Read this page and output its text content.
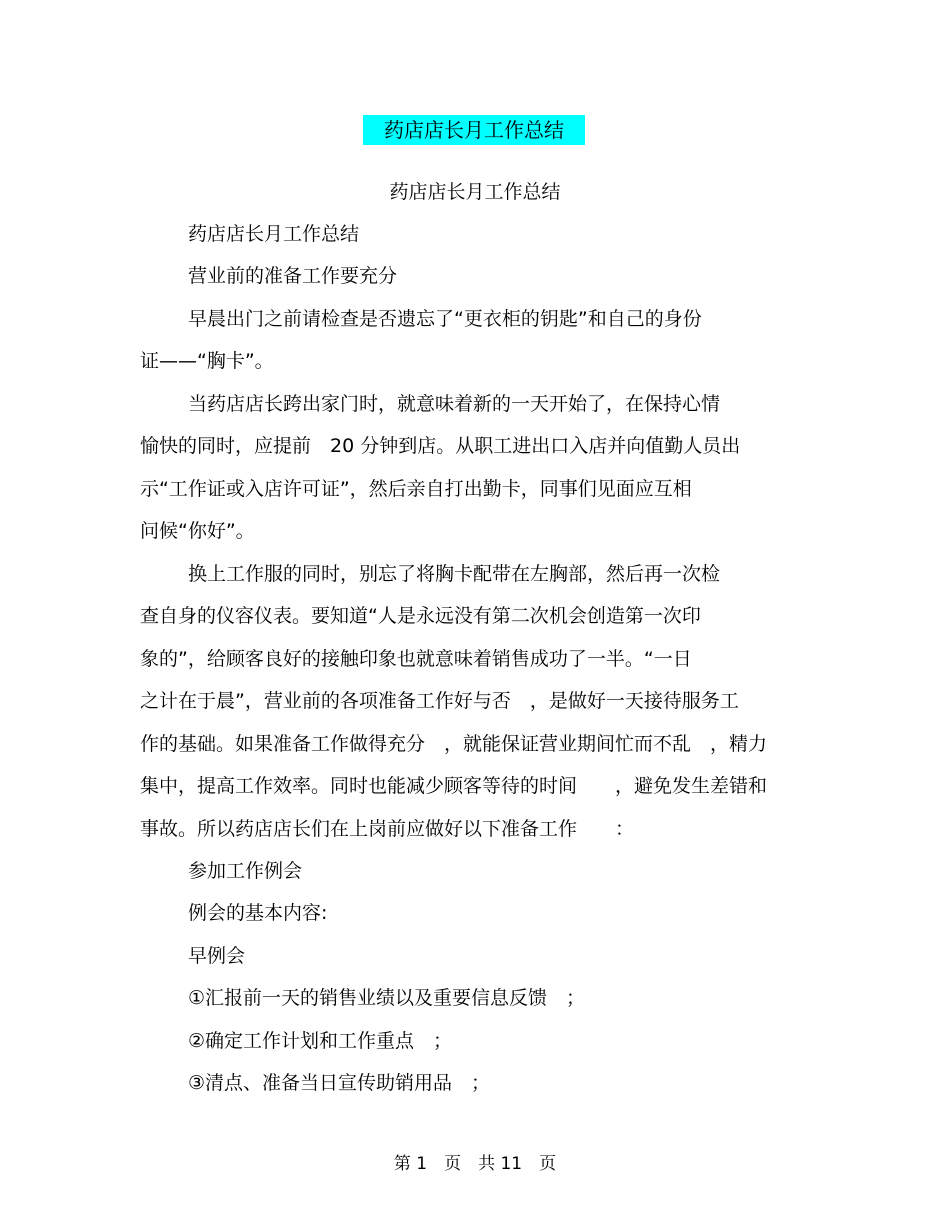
药店店长月工作总结
药店店长月工作总结
药店店长月工作总结
营业前的准备工作要充分
早晨出门之前请检查是否遗忘了“更衣柜的钥匙”和自己的身份
证——“胸卡”。
当药店店长跨出家门时，就意味着新的一天开始了，在保持心情
愉快的同时，应提前　20 分钟到店。从职工进出口入店并向值勤人员出
示“工作证或入店许可证”，然后亲自打出勤卡，同事们见面应互相
问候“你好”。
换上工作服的同时，别忘了将胸卡配带在左胸部，然后再一次检
查自身的仪容仪表。要知道“人是永远没有第二次机会创造第一次印
象的”，给顾客良好的接触印象也就意味着销售成功了一半。“一日
之计在于晨”，营业前的各项准备工作好与否　，是做好一天接待服务工
作的基础。如果准备工作做得充分　，就能保证营业期间忙而不乱　，精力
集中，提高工作效率。同时也能减少顾客等待的时间　　，避免发生差错和
事故。所以药店店长们在上岗前应做好以下准备工作　　：
参加工作例会
例会的基本内容:
早例会
①汇报前一天的销售业绩以及重要信息反馈　；
②确定工作计划和工作重点　；
③清点、准备当日宣传助销用品　；
第 1　页　共 11　页
